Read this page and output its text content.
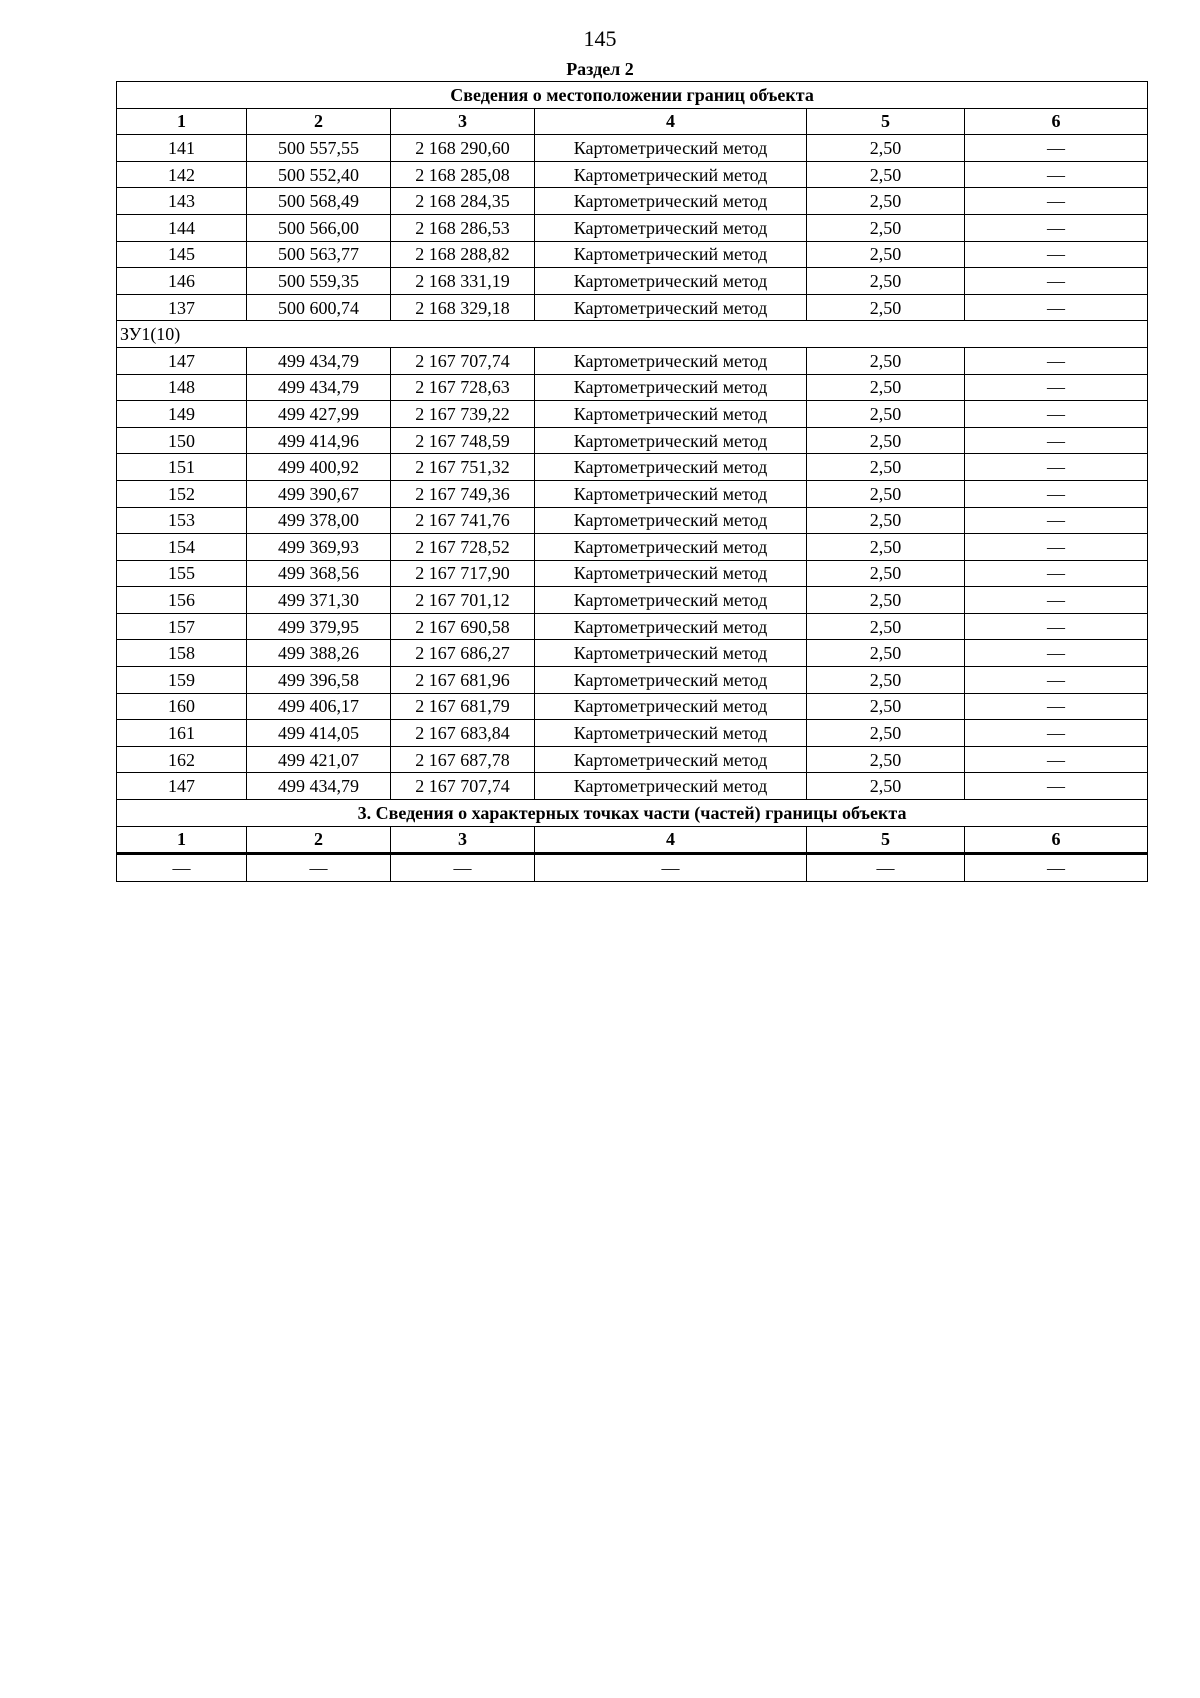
145
Раздел 2
Сведения о местоположении границ объекта					
1	2	3	4	5	6
141	500 557,55	2 168 290,60	Картометрический метод	2,50	—
142	500 552,40	2 168 285,08	Картометрический метод	2,50	—
143	500 568,49	2 168 284,35	Картометрический метод	2,50	—
144	500 566,00	2 168 286,53	Картометрический метод	2,50	—
145	500 563,77	2 168 288,82	Картометрический метод	2,50	—
146	500 559,35	2 168 331,19	Картометрический метод	2,50	—
137	500 600,74	2 168 329,18	Картометрический метод	2,50	—
ЗУ1(10)					
147	499 434,79	2 167 707,74	Картометрический метод	2,50	—
148	499 434,79	2 167 728,63	Картометрический метод	2,50	—
149	499 427,99	2 167 739,22	Картометрический метод	2,50	—
150	499 414,96	2 167 748,59	Картометрический метод	2,50	—
151	499 400,92	2 167 751,32	Картометрический метод	2,50	—
152	499 390,67	2 167 749,36	Картометрический метод	2,50	—
153	499 378,00	2 167 741,76	Картометрический метод	2,50	—
154	499 369,93	2 167 728,52	Картометрический метод	2,50	—
155	499 368,56	2 167 717,90	Картометрический метод	2,50	—
156	499 371,30	2 167 701,12	Картометрический метод	2,50	—
157	499 379,95	2 167 690,58	Картометрический метод	2,50	—
158	499 388,26	2 167 686,27	Картометрический метод	2,50	—
159	499 396,58	2 167 681,96	Картометрический метод	2,50	—
160	499 406,17	2 167 681,79	Картометрический метод	2,50	—
161	499 414,05	2 167 683,84	Картометрический метод	2,50	—
162	499 421,07	2 167 687,78	Картометрический метод	2,50	—
147	499 434,79	2 167 707,74	Картометрический метод	2,50	—
3. Сведения о характерных точках части (частей) границы объекта					
1	2	3	4	5	6
—	—	—	—	—	—
